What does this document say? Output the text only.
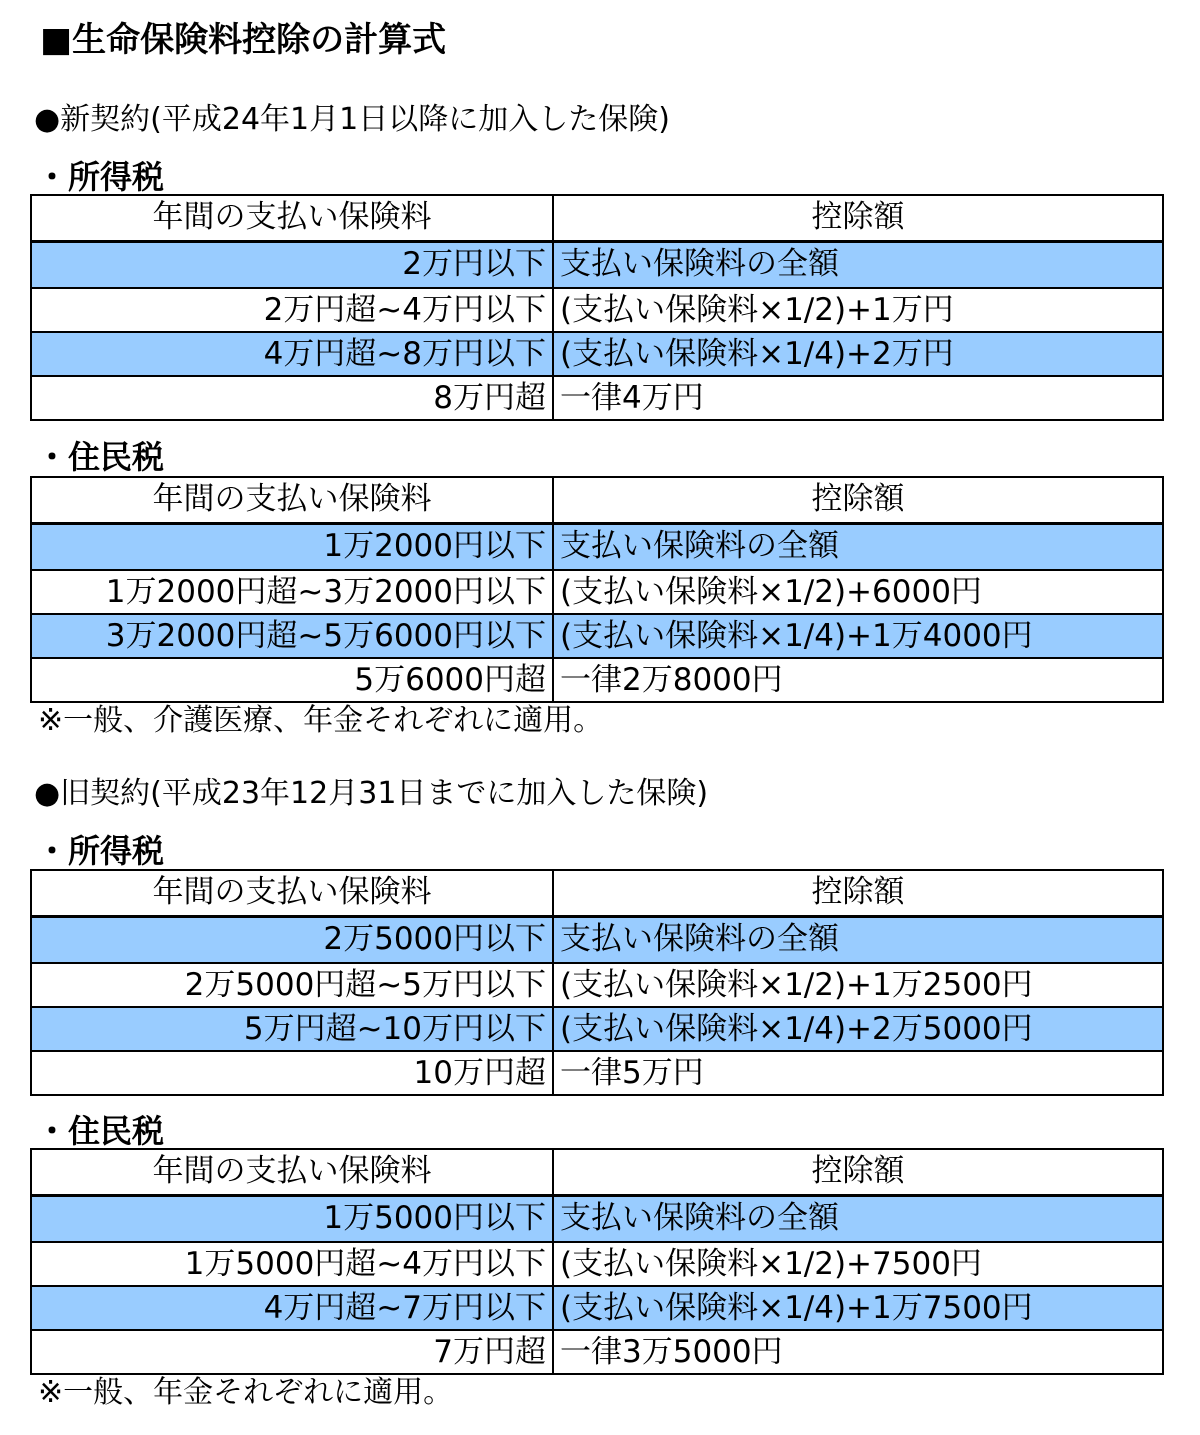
■生命保険料控除の計算式
●新契約(平成24年1月1日以降に加入した保険)
・所得税
年間の支払い保険料	控除額
2万円以下 支払い保険料の全額
2万円超~4万円以下 (支払い保険料×1/2)+1万円
4万円超~8万円以下 (支払い保険料×1/4)+2万円
8万円超 一律4万円
・住民税
年間の支払い保険料	控除額
1万2000円以下 支払い保険料の全額
1万2000円超~3万2000円以下 (支払い保険料×1/2)+6000円
3万2000円超~5万6000円以下 (支払い保険料×1/4)+1万4000円
5万6000円超 一律2万8000円
※一般、介護医療、年金それぞれに適用。
●旧契約(平成23年12月31日までに加入した保険)
・所得税
年間の支払い保険料	控除額
2万5000円以下 支払い保険料の全額
2万5000円超~5万円以下 (支払い保険料×1/2)+1万2500円
5万円超~10万円以下 (支払い保険料×1/4)+2万5000円
10万円超 一律5万円
・住民税
年間の支払い保険料	控除額
1万5000円以下 支払い保険料の全額
1万5000円超~4万円以下 (支払い保険料×1/2)+7500円
4万円超~7万円以下 (支払い保険料×1/4)+1万7500円
7万円超 一律3万5000円
※一般、年金それぞれに適用。
